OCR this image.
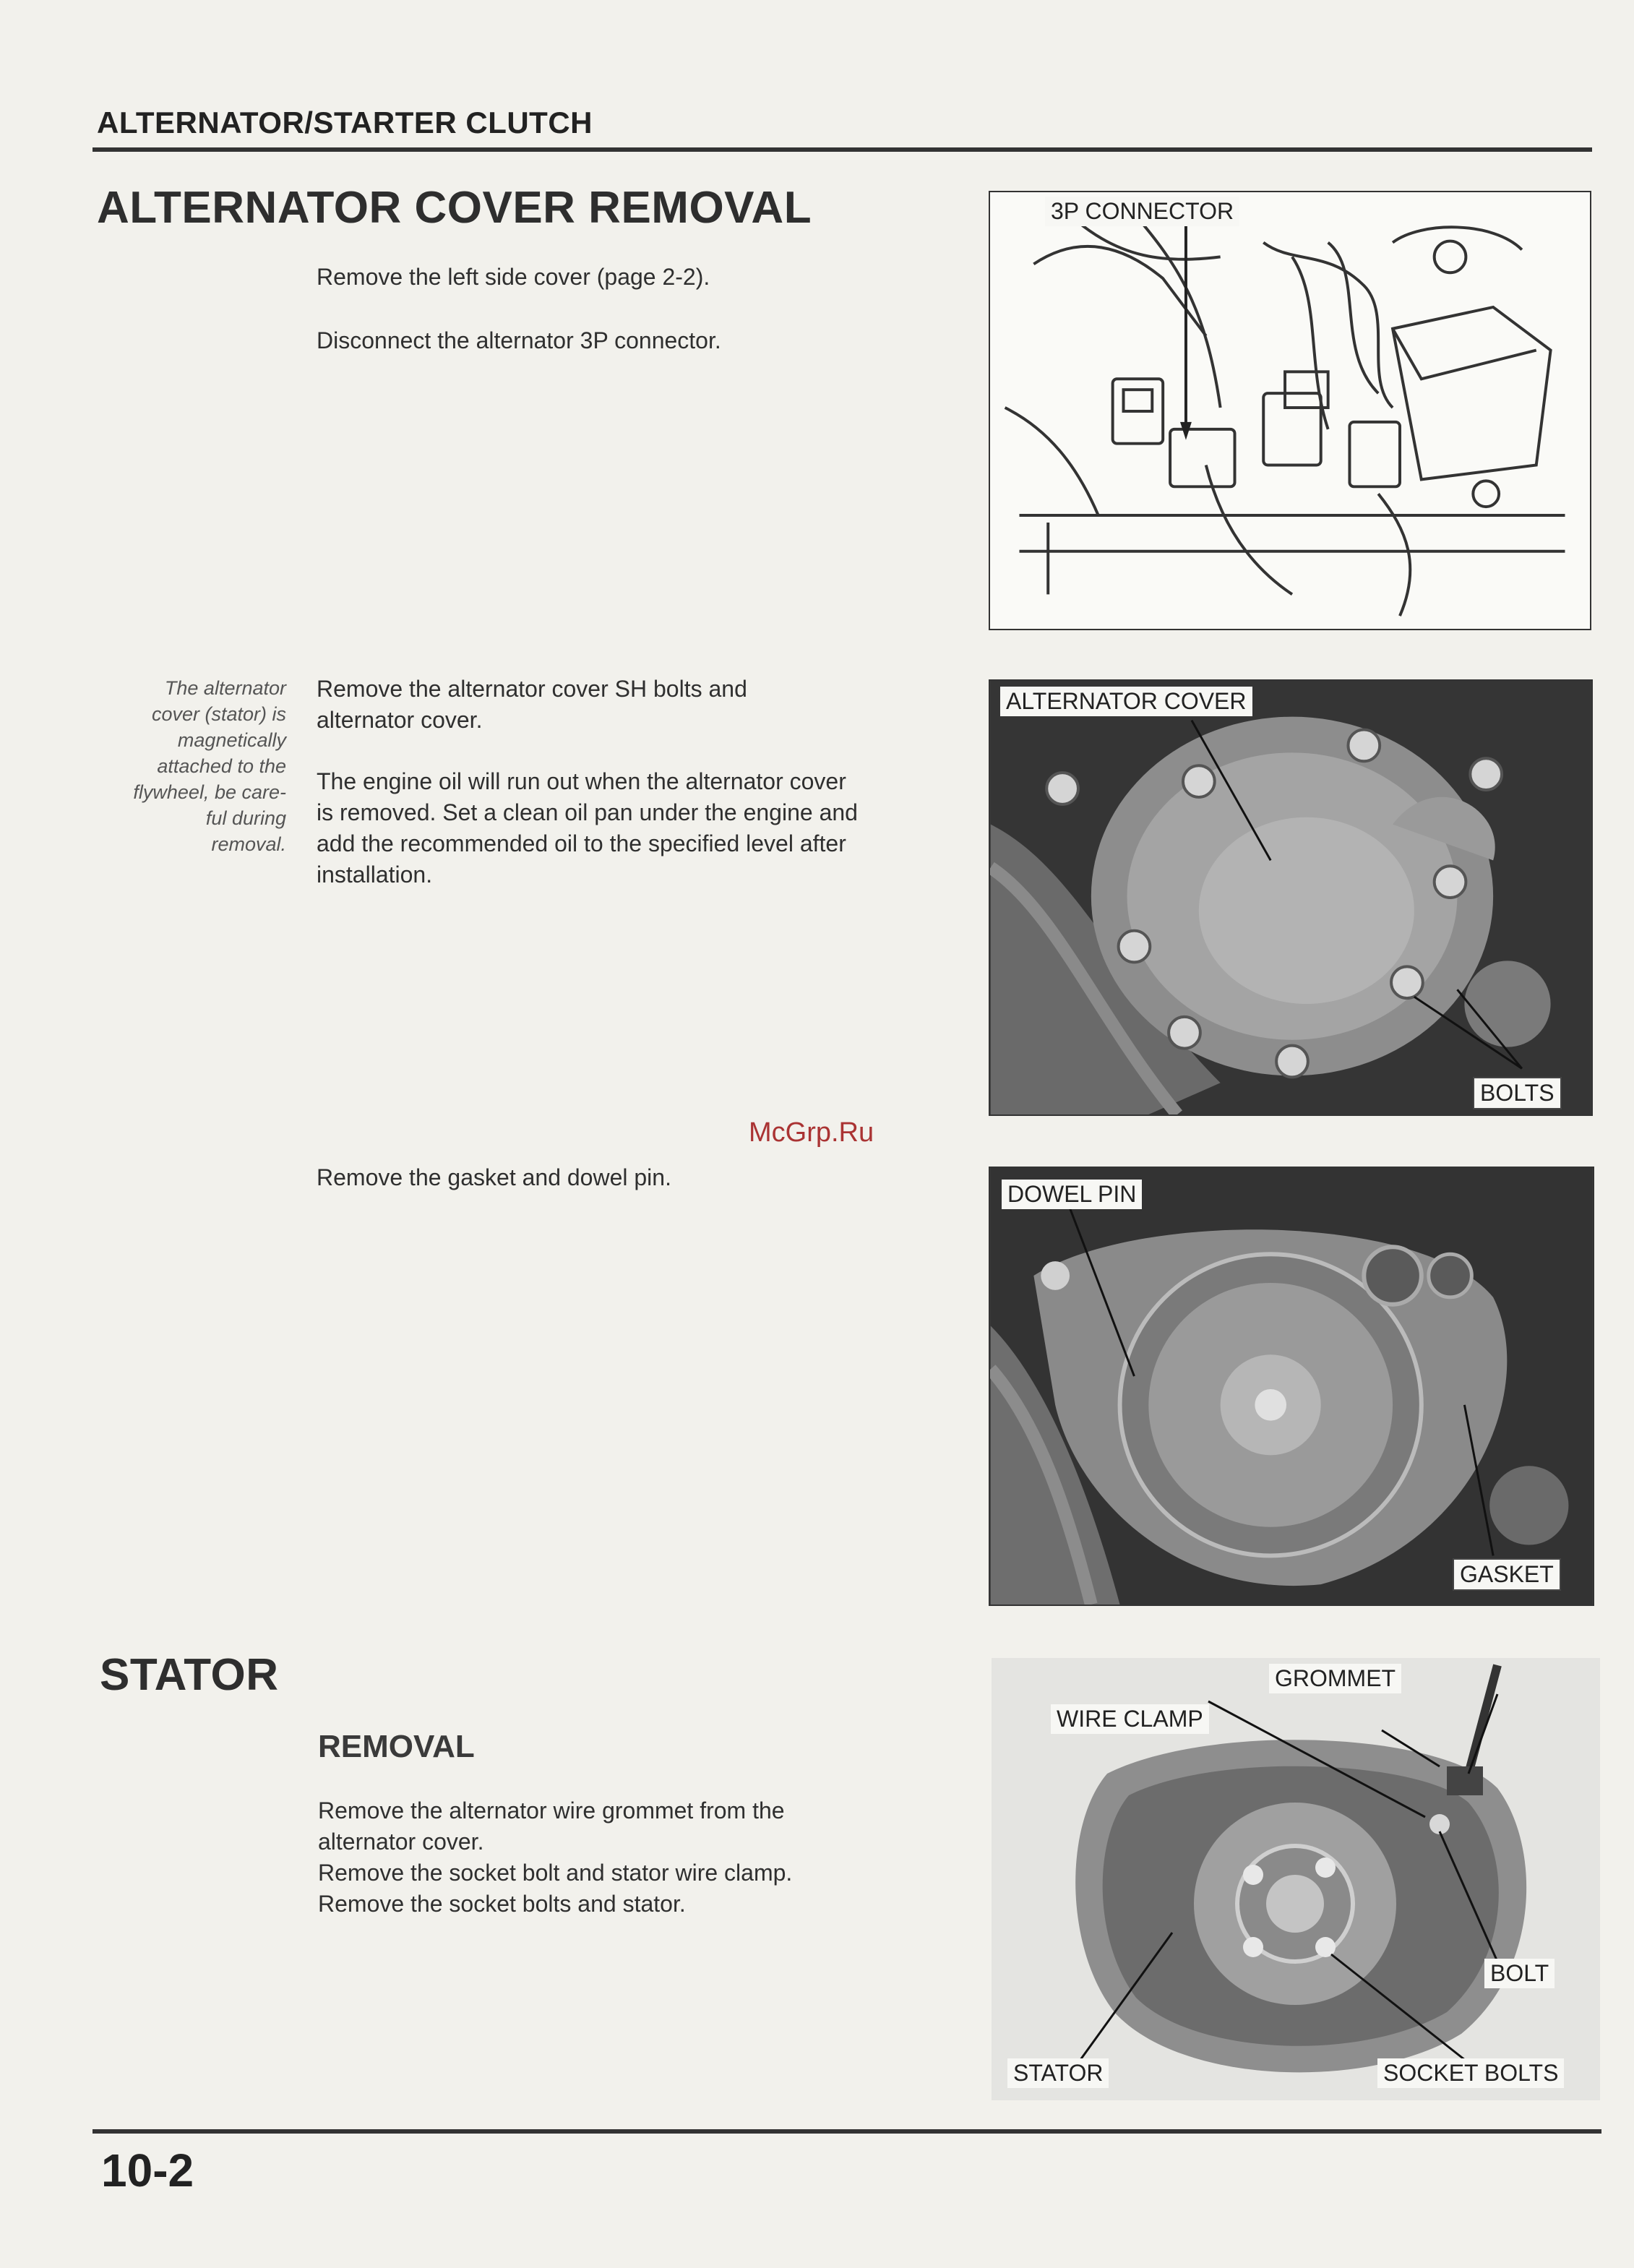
ALTERNATOR/STARTER CLUTCH
ALTERNATOR COVER REMOVAL
Remove the left side cover (page 2-2).
Disconnect the alternator 3P connector.
The alternator
cover (stator) is
magnetically
attached to the
flywheel, be care-
ful during
removal.
Remove the alternator cover SH bolts and
alternator cover.
The engine oil will run out when the alternator cover
is removed. Set a clean oil pan under the engine and
add the recommended oil to the specified level after
installation.
McGrp.Ru
Remove the gasket and dowel pin.
3P CONNECTOR
ALTERNATOR COVER
BOLTS
DOWEL PIN
GASKET
STATOR
REMOVAL
Remove the alternator wire grommet from the
alternator cover.
Remove the socket bolt and stator wire clamp.
Remove the socket bolts and stator.
GROMMET
WIRE CLAMP
BOLT
STATOR	SOCKET BOLTS
10-2
